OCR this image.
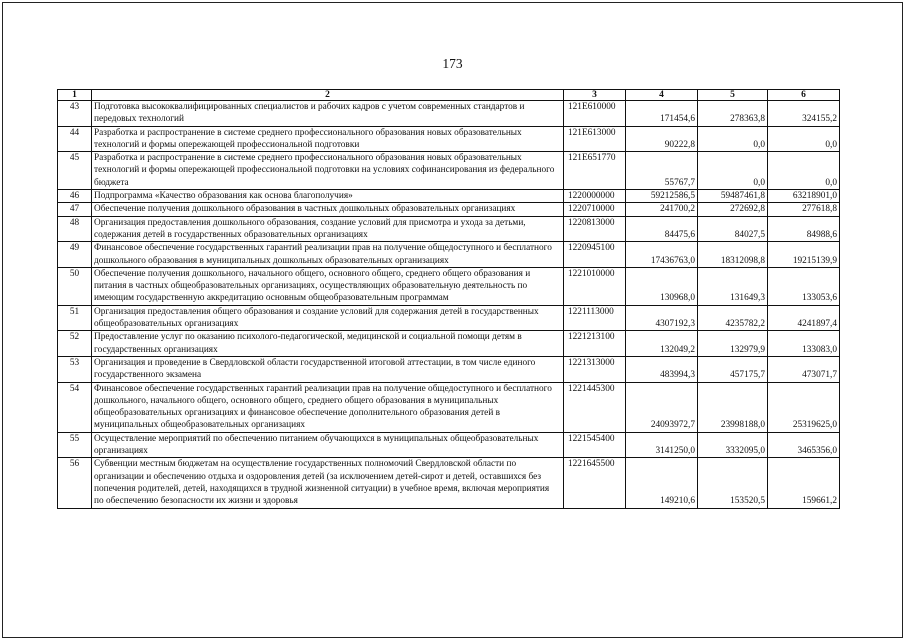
173
1	2	3	4	5	6
43	Подготовка высококвалифицированных специалистов и рабочих кадров с учетом современных стандартов и передовых технологий	121E610000	171454,6	278363,8	324155,2
44	Разработка и распространение в системе среднего профессионального образования новых образовательных технологий и формы опережающей профессиональной подготовки	121E613000	90222,8	0,0	0,0
45	Разработка и распространение в системе среднего профессионального образования новых образовательных технологий и формы опережающей профессиональной подготовки на условиях софинансирования из федерального бюджета	121E651770	55767,7	0,0	0,0
46	Подпрограмма «Качество образования как основа благополучия»	1220000000	59212586,5	59487461,8	63218901,0
47	Обеспечение получения дошкольного образования в частных дошкольных образовательных организациях	1220710000	241700,2	272692,8	277618,8
48	Организация предоставления дошкольного образования, создание условий для присмотра и ухода за детьми, содержания детей в государственных образовательных организациях	1220813000	84475,6	84027,5	84988,6
49	Финансовое обеспечение государственных гарантий реализации прав на получение общедоступного и бесплатного дошкольного образования в муниципальных дошкольных образовательных организациях	1220945100	17436763,0	18312098,8	19215139,9
50	Обеспечение получения дошкольного, начального общего, основного общего, среднего общего образования и питания в частных общеобразовательных организациях, осуществляющих образовательную деятельность по имеющим государственную аккредитацию основным общеобразовательным программам	1221010000	130968,0	131649,3	133053,6
51	Организация предоставления общего образования и создание условий для содержания детей в государственных общеобразовательных организациях	1221113000	4307192,3	4235782,2	4241897,4
52	Предоставление услуг по оказанию психолого-педагогической, медицинской и социальной помощи детям в государственных организациях	1221213100	132049,2	132979,9	133083,0
53	Организация и проведение в Свердловской области государственной итоговой аттестации, в том числе единого государственного экзамена	1221313000	483994,3	457175,7	473071,7
54	Финансовое обеспечение государственных гарантий реализации прав на получение общедоступного и бесплатного дошкольного, начального общего, основного общего, среднего общего образования в муниципальных общеобразовательных организациях и финансовое обеспечение дополнительного образования детей в муниципальных общеобразовательных организациях	1221445300	24093972,7	23998188,0	25319625,0
55	Осуществление мероприятий по обеспечению питанием обучающихся в муниципальных общеобразовательных организациях	1221545400	3141250,0	3332095,0	3465356,0
56	Субвенции местным бюджетам на осуществление государственных полномочий Свердловской области по организации и обеспечению отдыха и оздоровления детей (за исключением детей-сирот и детей, оставшихся без попечения родителей, детей, находящихся в трудной жизненной ситуации) в учебное время, включая мероприятия по обеспечению безопасности их жизни и здоровья	1221645500	149210,6	153520,5	159661,2
